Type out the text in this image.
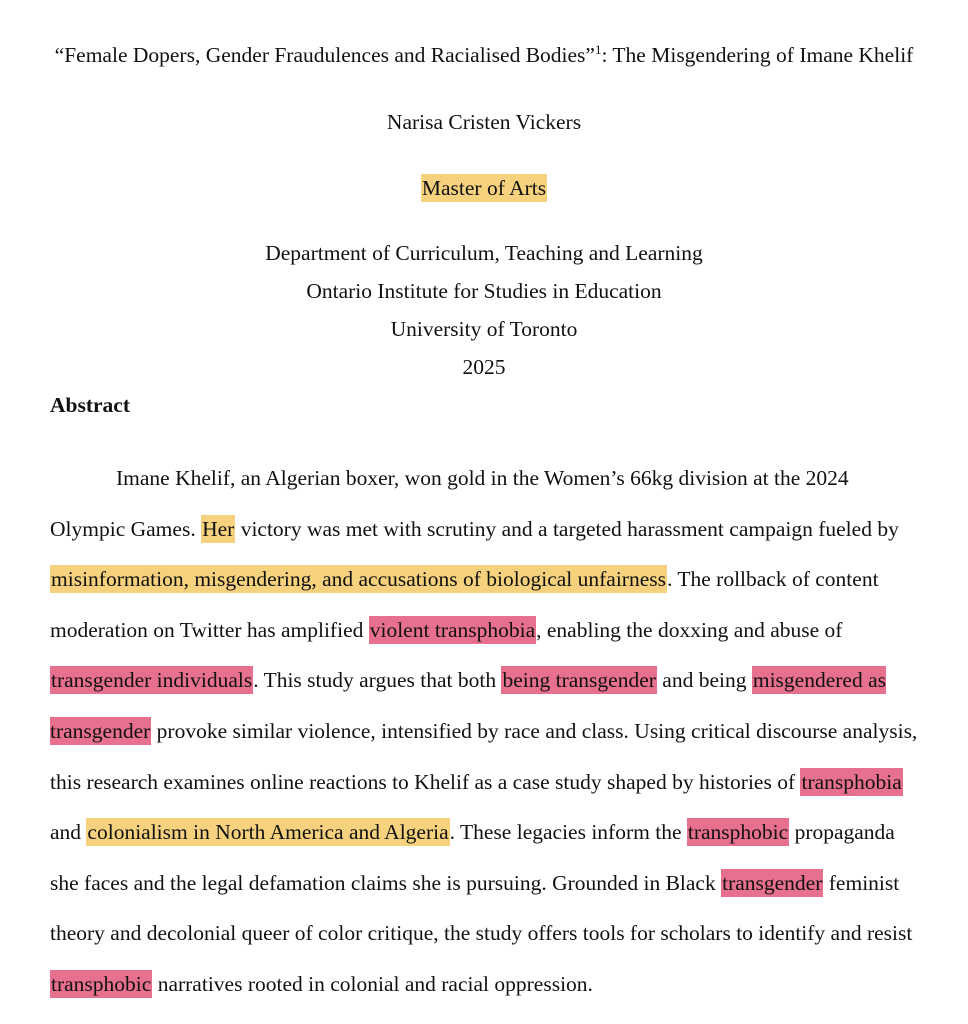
“Female Dopers, Gender Fraudulences and Racialised Bodies”$^1$: The Misgendering of Imane Khelif
Narisa Cristen Vickers
Master of Arts
Department of Curriculum, Teaching and Learning
Ontario Institute for Studies in Education
University of Toronto
2025
Abstract

Imane Khelif, an Algerian boxer, won gold in the Women’s 66kg division at the 2024 Olympic Games. Her victory was met with scrutiny and a targeted harassment campaign fueled by misinformation, misgendering, and accusations of biological unfairness. The rollback of content moderation on Twitter has amplified violent transphobia, enabling the doxxing and abuse of transgender individuals. This study argues that both being transgender and being misgendered as transgender provoke similar violence, intensified by race and class. Using critical discourse analysis, this research examines online reactions to Khelif as a case study shaped by histories of transphobia and colonialism in North America and Algeria. These legacies inform the transphobic propaganda she faces and the legal defamation claims she is pursuing. Grounded in Black transgender feminist theory and decolonial queer of color critique, the study offers tools for scholars to identify and resist transphobic narratives rooted in colonial and racial oppression.
